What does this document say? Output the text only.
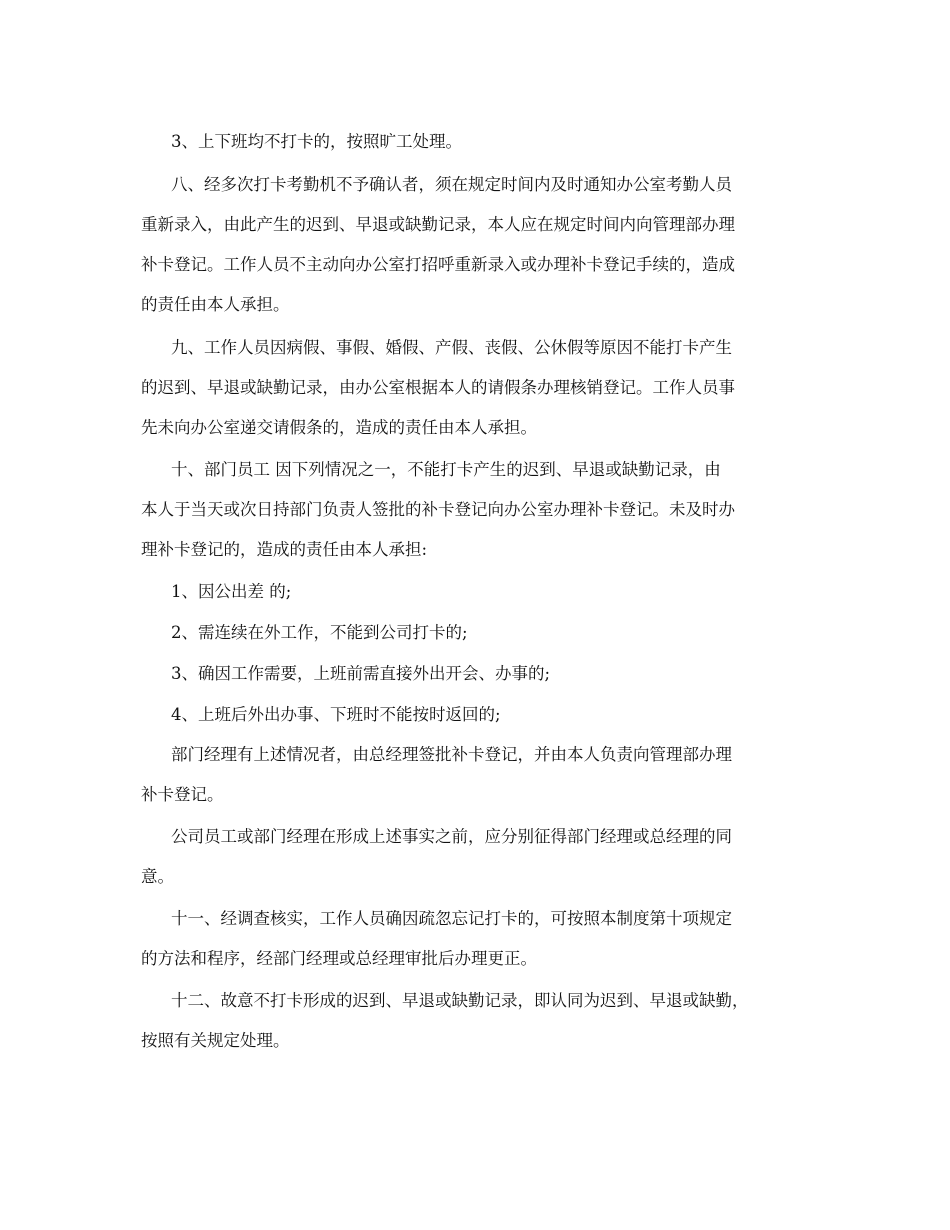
3、上下班均不打卡的，按照旷工处理。

八、经多次打卡考勤机不予确认者，须在规定时间内及时通知办公室考勤人员

重新录入，由此产生的迟到、早退或缺勤记录，本人应在规定时间内向管理部办理

补卡登记。工作人员不主动向办公室打招呼重新录入或办理补卡登记手续的，造成

的责任由本人承担。

九、工作人员因病假、事假、婚假、产假、丧假、公休假等原因不能打卡产生

的迟到、早退或缺勤记录，由办公室根据本人的请假条办理核销登记。工作人员事

先未向办公室递交请假条的，造成的责任由本人承担。

十、部门员工 因下列情况之一，不能打卡产生的迟到、早退或缺勤记录，由

本人于当天或次日持部门负责人签批的补卡登记向办公室办理补卡登记。未及时办

理补卡登记的，造成的责任由本人承担:

1、因公出差 的;

2、需连续在外工作，不能到公司打卡的;

3、确因工作需要，上班前需直接外出开会、办事的;

4、上班后外出办事、下班时不能按时返回的;

部门经理有上述情况者，由总经理签批补卡登记，并由本人负责向管理部办理

补卡登记。

公司员工或部门经理在形成上述事实之前，应分别征得部门经理或总经理的同

意。

十一、经调查核实，工作人员确因疏忽忘记打卡的，可按照本制度第十项规定

的方法和程序，经部门经理或总经理审批后办理更正。

十二、故意不打卡形成的迟到、早退或缺勤记录，即认同为迟到、早退或缺勤，

按照有关规定处理。
